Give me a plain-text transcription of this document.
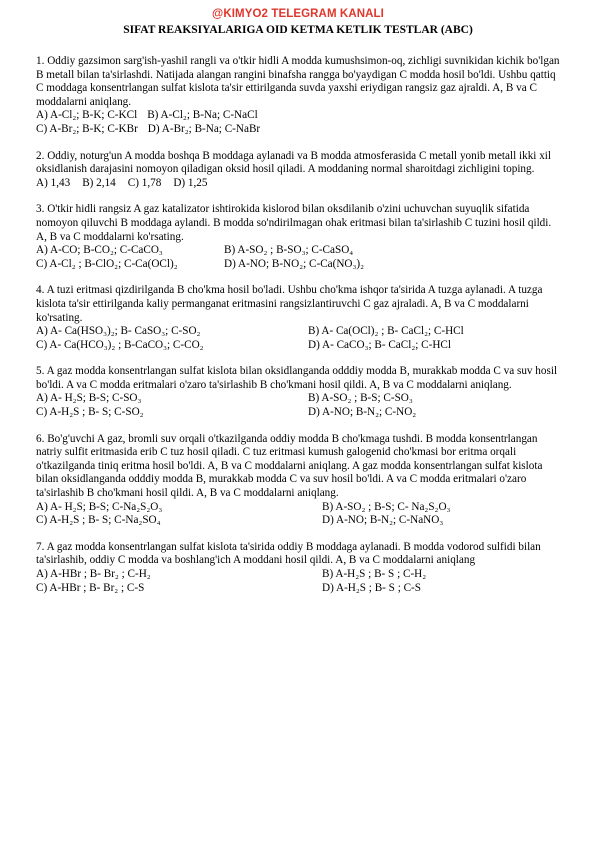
@KIMYO2 TELEGRAM KANALI
SIFAT REAKSIYALARIGA OID KETMA KETLIK TESTLAR (ABC)

1. Oddiy gazsimon sarg'ish-yashil rangli va o'tkir hidli A modda kumushsimon-oq, zichligi suvnikidan kichik bo'lgan B metall bilan ta'sirlashdi. Natijada alangan rangini binafsha rangga bo'yaydigan C modda hosil bo'ldi. Ushbu qattiq C moddaga konsentrlangan sulfat kislota ta'sir ettirilganda suvda yaxshi eriydigan rangsiz gaz ajraldi. A, B va C moddalarni aniqlang.

A) A-Cl₂; B-K; C-KCl B) A-Cl₂; B-Na; C-NaCl
C) A-Br₂; B-K; C-KBr D) A-Br₂; B-Na; C-NaBr

2. Oddiy, noturg'un A modda boshqa B moddaga aylanadi va B modda atmosferasida C metall yonib metall ikki xil oksidlanish darajasini nomoyon qiladigan oksid hosil qiladi. A moddaning normal sharoitdagi zichligini toping.

A) 1,43 B) 2,14 C) 1,78 D) 1,25

3. O'tkir hidli rangsiz A gaz katalizator ishtirokida kislorod bilan oksdilanib o'zini uchuvchan suyuqlik sifatida nomoyon qiluvchi B moddaga aylandi. B modda so'ndirilmagan ohak eritmasi bilan ta'sirlashib C tuzini hosil qildi. A, B va C moddalarni ko'rsating.

A) A-CO; B-CO₂; C-CaCO₃	B) A-SO₂ ; B-SO₃; C-CaSO₄
C) A-Cl₂ ; B-ClO₂; C-Ca(OCl)₂	D) A-NO; B-NO₂; C-Ca(NO₃)₂

4. A tuzi eritmasi qizdirilganda B cho'kma hosil bo'ladi. Ushbu cho'kma ishqor ta'sirida A tuzga aylanadi. A tuzga kislota ta'sir ettirilganda kaliy permanganat eritmasini rangsizlantiruvchi C gaz ajraladi. A, B va C moddalarni ko'rsating.

A) A- Ca(HSO₃)₂; B- CaSO₃; C-SO₂	B) A- Ca(OCl)₂ ; B- CaCl₂; C-HCl
C) A- Ca(HCO₃)₂ ; B-CaCO₃; C-CO₂	D) A- CaCO₃; B- CaCl₂; C-HCl

5. A gaz modda konsentrlangan sulfat kislota bilan oksidlanganda odddiy modda B, murakkab modda C va suv hosil bo'ldi. A va C modda eritmalari o'zaro ta'sirlashib B cho'kmani hosil qildi. A, B va C moddalarni aniqlang.

A) A- H₂S; B-S; C-SO₃	B) A-SO₂ ; B-S; C-SO₃
C) A-H₂S ; B- S; C-SO₂	D) A-NO; B-N₂; C-NO₂

6. Bo'g'uvchi A gaz, bromli suv orqali o'tkazilganda oddiy modda B cho'kmaga tushdi. B modda konsentrlangan natriy sulfit eritmasida erib C tuz hosil qiladi. C tuz eritmasi kumush galogenid cho'kmasi bor eritma orqali o'tkazilganda tiniq eritma hosil bo'ldi. A, B va C moddalarni aniqlang. A gaz modda konsentrlangan sulfat kislota bilan oksidlanganda odddiy modda B, murakkab modda C va suv hosil bo'ldi. A va C modda eritmalari o'zaro ta'sirlashib B cho'kmani hosil qildi. A, B va C moddalarni aniqlang.

A) A- H₂S; B-S; C-Na₂S₂O₃	B) A-SO₂ ; B-S; C- Na₂S₂O₃
C) A-H₂S ; B- S; C-Na₂SO₄	D) A-NO; B-N₂; C-NaNO₃

7. A gaz modda konsentrlangan sulfat kislota ta'sirida oddiy B moddaga aylanadi. B modda vodorod sulfidi bilan ta'sirlashib, oddiy C modda va boshlang'ich A moddani hosil qildi. A, B va C moddalarni aniqlang

A) A-HBr ; B- Br₂ ; C-H₂	B) A-H₂S ; B- S ; C-H₂
C) A-HBr ; B- Br₂ ; C-S	D) A-H₂S ; B- S ; C-S
